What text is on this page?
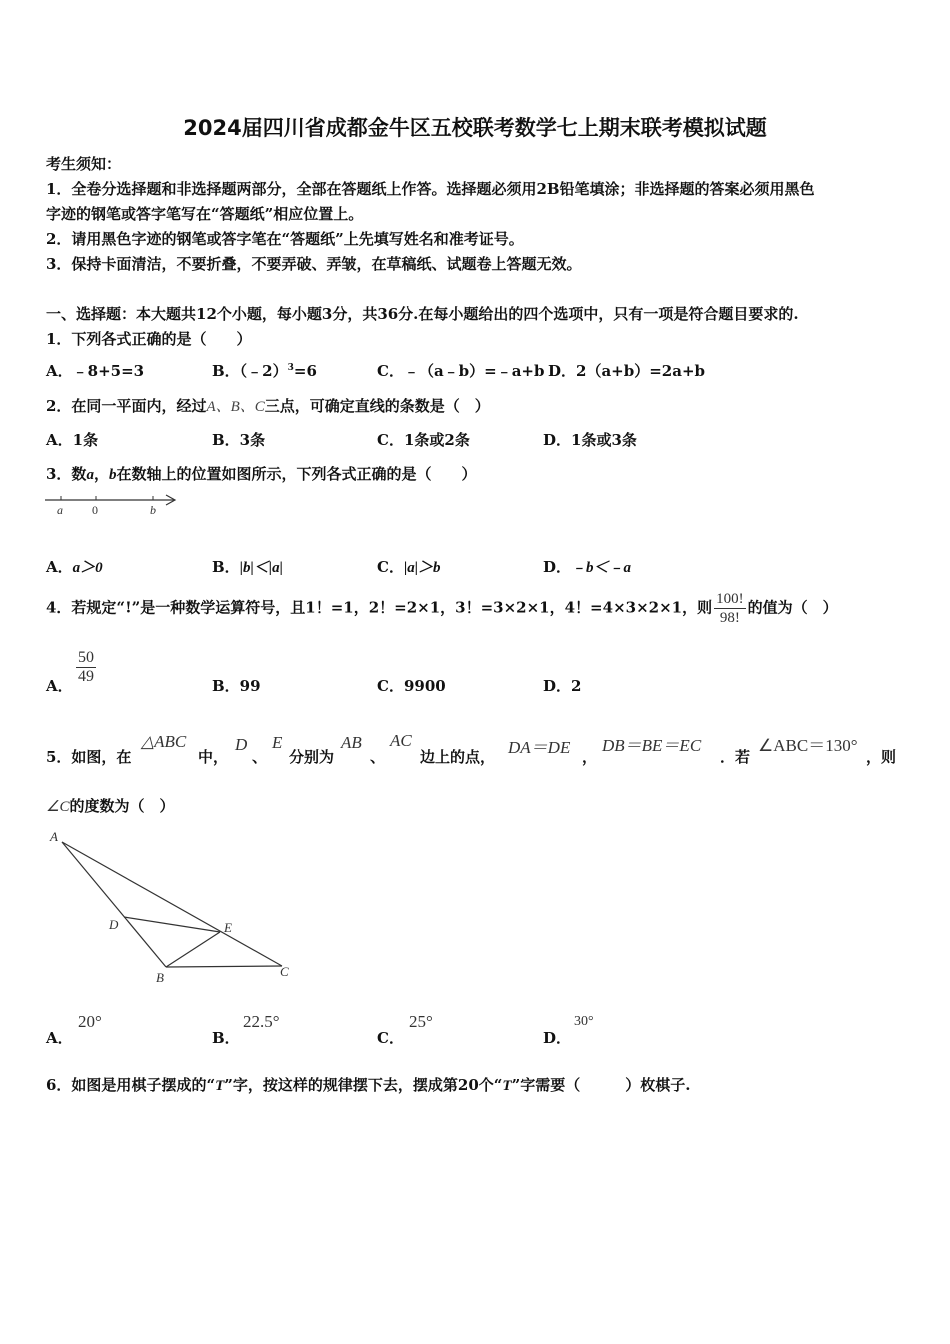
2024届四川省成都金牛区五校联考数学七上期末联考模拟试题
考生须知：
1．全卷分选择题和非选择题两部分，全部在答题纸上作答。选择题必须用2B铅笔填涂；非选择题的答案必须用黑色
字迹的钢笔或答字笔写在“答题纸”相应位置上。
2．请用黑色字迹的钢笔或答字笔在“答题纸”上先填写姓名和准考证号。
3．保持卡面清洁，不要折叠，不要弄破、弄皱，在草稿纸、试题卷上答题无效。
一、选择题：本大题共12个小题，每小题3分，共36分.在每小题给出的四个选项中，只有一项是符合题目要求的.
1．下列各式正确的是（　　）
A．﹣8+5=3	B．（﹣2）$^3$=6	C．﹣（a﹣b）=﹣a+b D．2（a+b）=2a+b
2．在同一平面内，经过A、B、C三点，可确定直线的条数是（　）
A．1条	B．3条	C．1条或2条	D．1条或3条
3．数a，b在数轴上的位置如图所示，下列各式正确的是（　　）
a 0	b
A．a＞0	B．|b|＜|a|	C．|a|＞b	D．﹣b＜﹣a
4．若规定“!”是一种数学运算符号，且1！=1，2！=2×1，3！=3×2×1，4！=4×3×2×1，则 $\frac{100!}{98!}$ 的值为（　）
A． $\frac{50}{49}$	B．99	C．9900	D．2
5．如图，在
△ABC
中，
D
、
E
分别为
AB
、
AC
边上的点， DA＝DE ，
DB＝BE＝EC
．若
∠ABC＝130°
，则
∠C的度数为（　）
A
D	E
B	C
A．
20°
B．
22.5°
C．
25°
D．
30°
6．如图是用棋子摆成的“T”字，按这样的规律摆下去，摆成第20个“T”字需要（　　　）枚棋子.
